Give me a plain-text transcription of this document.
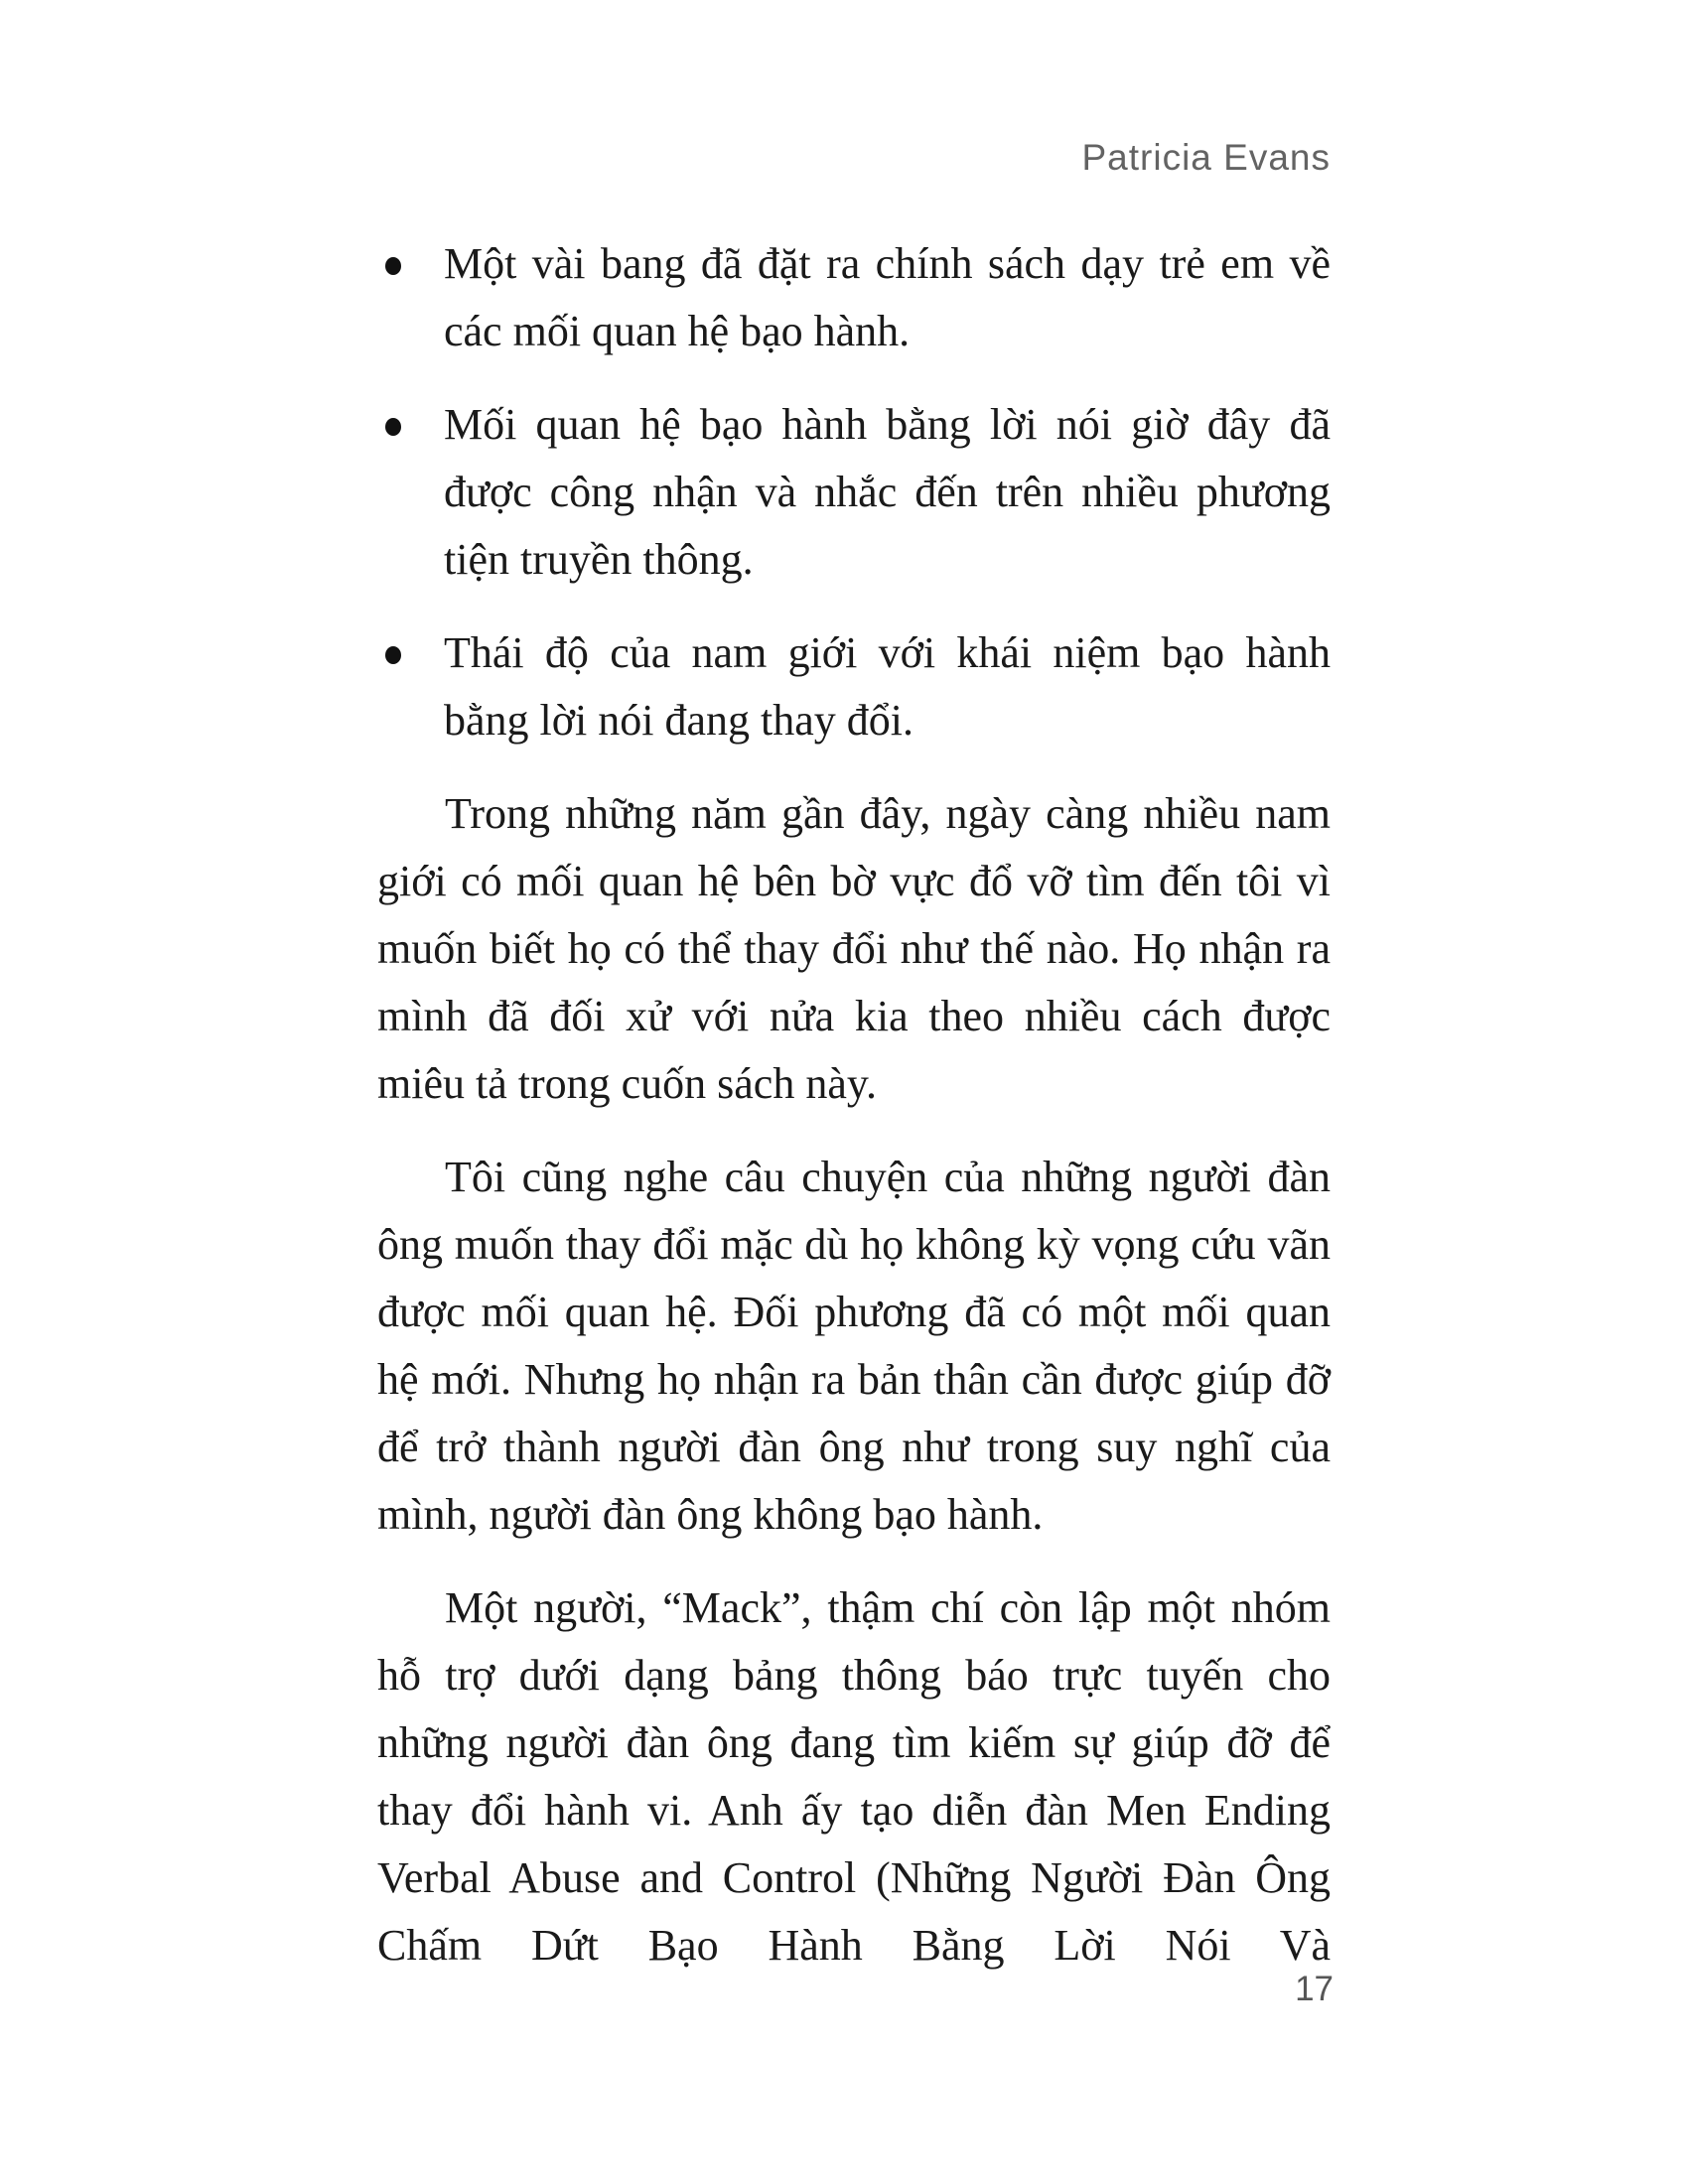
Patricia Evans
Một vài bang đã đặt ra chính sách dạy trẻ em về các mối quan hệ bạo hành.
Mối quan hệ bạo hành bằng lời nói giờ đây đã được công nhận và nhắc đến trên nhiều phương tiện truyền thông.
Thái độ của nam giới với khái niệm bạo hành bằng lời nói đang thay đổi.

Trong những năm gần đây, ngày càng nhiều nam giới có mối quan hệ bên bờ vực đổ vỡ tìm đến tôi vì muốn biết họ có thể thay đổi như thế nào. Họ nhận ra mình đã đối xử với nửa kia theo nhiều cách được miêu tả trong cuốn sách này.

Tôi cũng nghe câu chuyện của những người đàn ông muốn thay đổi mặc dù họ không kỳ vọng cứu vãn được mối quan hệ. Đối phương đã có một mối quan hệ mới. Nhưng họ nhận ra bản thân cần được giúp đỡ để trở thành người đàn ông như trong suy nghĩ của mình, người đàn ông không bạo hành.

Một người, “Mack”, thậm chí còn lập một nhóm hỗ trợ dưới dạng bảng thông báo trực tuyến cho những người đàn ông đang tìm kiếm sự giúp đỡ để thay đổi hành vi. Anh ấy tạo diễn đàn Men Ending Verbal Abuse and Control (Những Người Đàn Ông Chấm Dứt Bạo Hành Bằng Lời Nói Và

17
